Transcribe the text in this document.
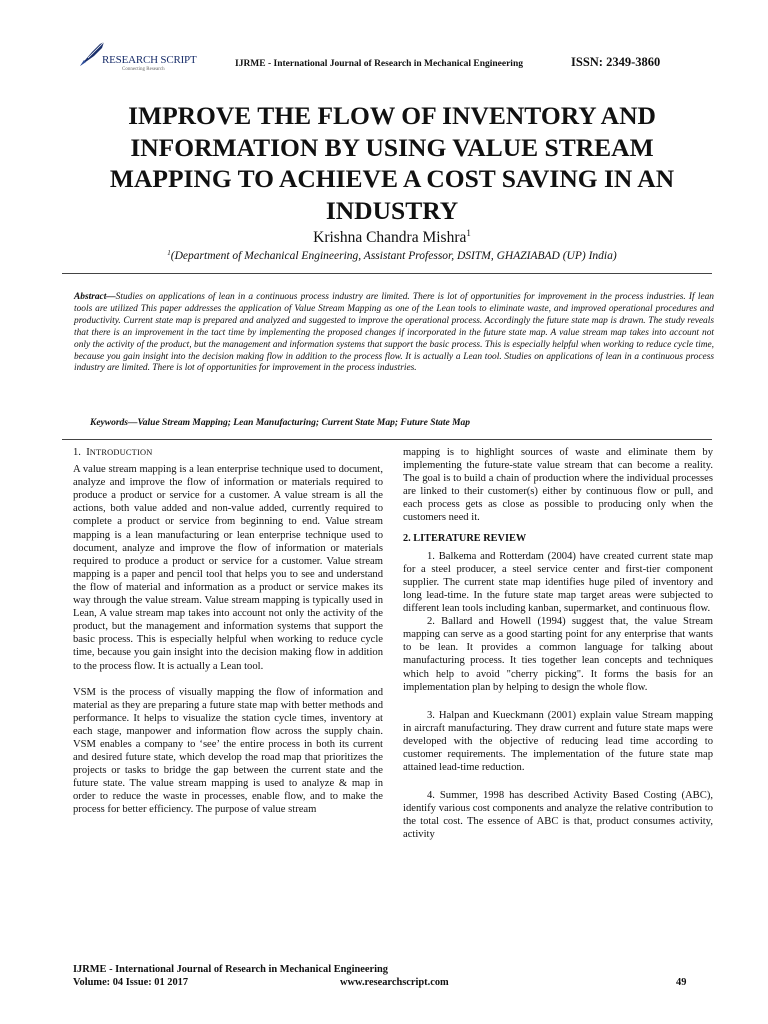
RESEARCH SCRIPT
Connecting Research
IJRME - International Journal of Research in Mechanical Engineering	ISSN: 2349-3860
IMPROVE THE FLOW OF INVENTORY AND
INFORMATION BY USING VALUE STREAM
MAPPING TO ACHIEVE A COST SAVING IN AN
INDUSTRY
Krishna Chandra Mishra$^1$
$^1$(Department of Mechanical Engineering, Assistant Professor, DSITM, GHAZIABAD (UP) India)

Abstract—Studies on applications of lean in a continuous process industry are limited. There is lot of opportunities for improvement in the process industries. If lean tools are utilized This paper addresses the application of Value Stream Mapping as one of the Lean tools to eliminate waste, and improved operational procedures and productivity. Current state map is prepared and analyzed and suggested to improve the operational process. Accordingly the future state map is drawn. The study reveals that there is an improvement in the tact time by implementing the proposed changes if incorporated in the future state map. A value stream map takes into account not only the activity of the product, but the management and information systems that support the basic process. This is especially helpful when working to reduce cycle time, because you gain insight into the decision making flow in addition to the process flow. It is actually a Lean tool. Studies on applications of lean in a continuous process industry are limited. There is lot of opportunities for improvement in the process industries.

Keywords—Value Stream Mapping; Lean Manufacturing; Current State Map; Future State Map

1. INTRODUCTION

A value stream mapping is a lean enterprise technique used to document, analyze and improve the flow of information or materials required to produce a product or service for a customer. A value stream is all the actions, both value added and non-value added, currently required to complete a product or service from beginning to end. Value stream mapping is a lean manufacturing or lean enterprise technique used to document, analyze and improve the flow of information or materials required to produce a product or service for a customer. Value stream mapping is a paper and pencil tool that helps you to see and understand the flow of material and information as a product or service makes its way through the value stream. Value stream mapping is typically used in Lean, A value stream map takes into account not only the activity of the product, but the management and information systems that support the basic process. This is especially helpful when working to reduce cycle time, because you gain insight into the decision making flow in addition to the process flow. It is actually a Lean tool.

VSM is the process of visually mapping the flow of information and material as they are preparing a future state map with better methods and performance. It helps to visualize the station cycle times, inventory at each stage, manpower and information flow across the supply chain. VSM enables a company to ‘see’ the entire process in both its current and desired future state, which develop the road map that prioritizes the projects or tasks to bridge the gap between the current state and the future state. The value stream mapping is used to analyze & map in order to reduce the waste in processes, enable flow, and to make the process for better efficiency. The purpose of value stream

mapping is to highlight sources of waste and eliminate them by implementing the future-state value stream that can become a reality. The goal is to build a chain of production where the individual processes are linked to their customer(s) either by continuous flow or pull, and each process gets as close as possible to producing only when the customers need it.

2. LITERATURE REVIEW

1. Balkema and Rotterdam (2004) have created current state map for a steel producer, a steel service center and first-tier component supplier. The current state map identifies huge piled of inventory and long lead-time. In the future state map target areas were subjected to different lean tools including kanban, supermarket, and continuous flow.

2. Ballard and Howell (1994) suggest that, the value Stream mapping can serve as a good starting point for any enterprise that wants to be lean. It provides a common language for talking about manufacturing process. It ties together lean concepts and techniques which help to avoid "cherry picking". It forms the basis for an implementation plan by helping to design the whole flow.

3. Halpan and Kueckmann (2001) explain value Stream mapping in aircraft manufacturing. They draw current and future state maps were developed with the objective of reducing lead time according to customer requirements. The implementation of the future state map attained lead-time reduction.

4. Summer, 1998 has described Activity Based Costing (ABC), identify various cost components and analyze the relative contribution to the total cost. The essence of ABC is that, product consumes activity, activity

IJRME - International Journal of Research in Mechanical Engineering
Volume: 04 Issue: 01 2017	www.researchscript.com	49
